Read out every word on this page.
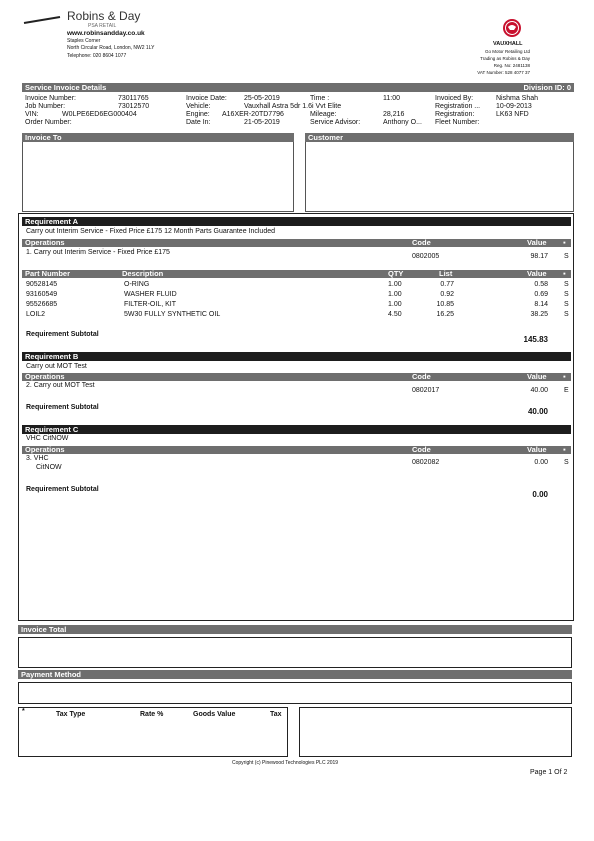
Robins & Day
PSA RETAIL
www.robinsandday.co.uk
Staples Corner
North Circular Road, London, NW2 1LY
Telephone: 020 8604 1077
VAUXHALL
Go Motor Retailing Ltd
Trading as Robins & Day
Reg. No: 2481138
VAT Number: 528 4077 37
Service Invoice Details	Division ID: 0
Invoice Number:	73011765
Job Number:	73012570
VIN:	W0LPE6ED6EG000404
Order Number:
Invoice Date: 25-05-2019
Vehicle:	Vauxhall Astra 5dr 1.6i Vvt Elite
Engine: A16XER-20TD7796
Date In:	21-05-2019
Time :	11:00
Mileage:	28,216
Service Advisor:	Anthony O...
Invoiced By:	Nishma Shah
Registration ... 10-09-2013
Registration:	LK63 NFD
Fleet Number:
Invoice To	Customer
Requirement A
Carry out Interim Service - Fixed Price £175 12 Month Parts Guarantee Included
Operations	Code	Value ▪
1. Carry out Interim Service - Fixed Price £175
0802005	98.17 S
Part Number	Description	QTY	List	Value ▪
90528145	O-RING	1.00	0.77	0.58 S
93160549	WASHER FLUID	1.00	0.92	0.69 S
95526685	FILTER-OIL, KIT	1.00	10.85	8.14 S
LOIL2	5W30 FULLY SYNTHETIC OIL	4.50	16.25	38.25 S
Requirement Subtotal
145.83
Requirement B
Carry out MOT Test
Operations	Code	Value ▪
2. Carry out MOT Test
0802017	40.00 E
Requirement Subtotal	40.00
Requirement C
VHC CitNOW
Operations	Code	Value ▪
3. VHC
CitNOW
0802082	0.00 S
Requirement Subtotal
0.00
Invoice Total
Payment Method
*	Tax Type	Rate %	Goods Value	Tax
Copyright (c) Pinewood Technologies PLC 2019
Page 1 Of 2
